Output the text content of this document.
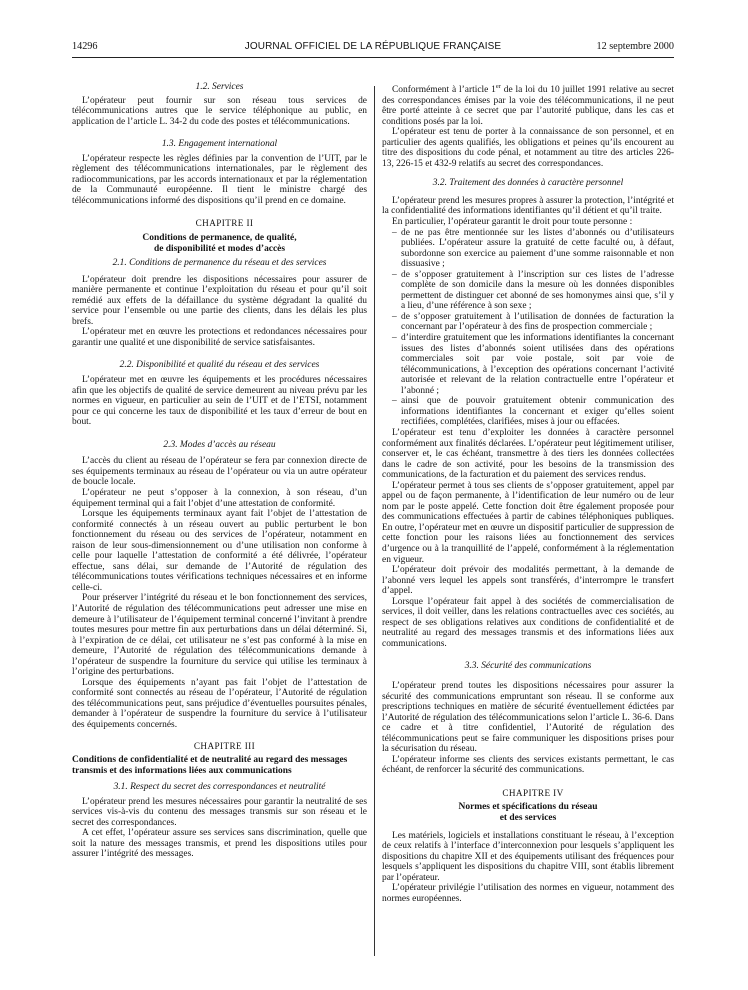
14296	JOURNAL OFFICIEL DE LA RÉPUBLIQUE FRANÇAISE	12 septembre 2000

1.2. Services

L’opérateur peut fournir sur son réseau tous services de télécommunications autres que le service téléphonique au public, en application de l’article L. 34-2 du code des postes et télécommunications.

1.3. Engagement international

L’opérateur respecte les règles définies par la convention de l’UIT, par le règlement des télécommunications internationales, par le règlement des radiocommunications, par les accords internationaux et par la réglementation de la Communauté européenne. Il tient le ministre chargé des télécommunications informé des dispositions qu’il prend en ce domaine.

CHAPITRE II

Conditions de permanence, de qualité,

de disponibilité et modes d’accès

2.1. Conditions de permanence du réseau et des services

L’opérateur doit prendre les dispositions nécessaires pour assurer de manière permanente et continue l’exploitation du réseau et pour qu’il soit remédié aux effets de la défaillance du système dégradant la qualité du service pour l’ensemble ou une partie des clients, dans les délais les plus brefs.

L’opérateur met en œuvre les protections et redondances nécessaires pour garantir une qualité et une disponibilité de service satisfaisantes.

2.2. Disponibilité et qualité du réseau et des services

L’opérateur met en œuvre les équipements et les procédures nécessaires afin que les objectifs de qualité de service demeurent au niveau prévu par les normes en vigueur, en particulier au sein de l’UIT et de l’ETSI, notamment pour ce qui concerne les taux de disponibilité et les taux d’erreur de bout en bout.

2.3. Modes d’accès au réseau

L’accès du client au réseau de l’opérateur se fera par connexion directe de ses équipements terminaux au réseau de l’opérateur ou via un autre opérateur de boucle locale.

L’opérateur ne peut s’opposer à la connexion, à son réseau, d’un équipement terminal qui a fait l’objet d’une attestation de conformité.

Lorsque les équipements terminaux ayant fait l’objet de l’attestation de conformité connectés à un réseau ouvert au public perturbent le bon fonctionnement du réseau ou des services de l’opérateur, notamment en raison de leur sous-dimensionnement ou d’une utilisation non conforme à celle pour laquelle l’attestation de conformité a été délivrée, l’opérateur effectue, sans délai, sur demande de l’Autorité de régulation des télécommunications toutes vérifications techniques nécessaires et en informe celle-ci.

Pour préserver l’intégrité du réseau et le bon fonctionnement des services, l’Autorité de régulation des télécommunications peut adresser une mise en demeure à l’utilisateur de l’équipement terminal concerné l’invitant à prendre toutes mesures pour mettre fin aux perturbations dans un délai déterminé. Si, à l’expiration de ce délai, cet utilisateur ne s’est pas conformé à la mise en demeure, l’Autorité de régulation des télécommunications demande à l’opérateur de suspendre la fourniture du service qui utilise les terminaux à l’origine des perturbations.

Lorsque des équipements n’ayant pas fait l’objet de l’attestation de conformité sont connectés au réseau de l’opérateur, l’Autorité de régulation des télécommunications peut, sans préjudice d’éventuelles poursuites pénales, demander à l’opérateur de suspendre la fourniture du service à l’utilisateur des équipements concernés.

CHAPITRE III

Conditions de confidentialité et de neutralité au regard des messages transmis et des informations liées aux communications

3.1. Respect du secret des correspondances et neutralité

L’opérateur prend les mesures nécessaires pour garantir la neutralité de ses services vis-à-vis du contenu des messages transmis sur son réseau et le secret des correspondances.

A cet effet, l’opérateur assure ses services sans discrimination, quelle que soit la nature des messages transmis, et prend les dispositions utiles pour assurer l’intégrité des messages.

Conformément à l’article 1er de la loi du 10 juillet 1991 relative au secret des correspondances émises par la voie des télécommunications, il ne peut être porté atteinte à ce secret que par l’autorité publique, dans les cas et conditions posés par la loi.

L’opérateur est tenu de porter à la connaissance de son personnel, et en particulier des agents qualifiés, les obligations et peines qu’ils encourent au titre des dispositions du code pénal, et notamment au titre des articles 226-13, 226-15 et 432-9 relatifs au secret des correspondances.

3.2. Traitement des données à caractère personnel

L’opérateur prend les mesures propres à assurer la protection, l’intégrité et la confidentialité des informations identifiantes qu’il détient et qu’il traite.

En particulier, l’opérateur garantit le droit pour toute personne :

– de ne pas être mentionnée sur les listes d’abonnés ou d’utilisateurs publiées. L’opérateur assure la gratuité de cette faculté ou, à défaut, subordonne son exercice au paiement d’une somme raisonnable et non dissuasive ;
– de s’opposer gratuitement à l’inscription sur ces listes de l’adresse complète de son domicile dans la mesure où les données disponibles permettent de distinguer cet abonné de ses homonymes ainsi que, s’il y a lieu, d’une référence à son sexe ;
– de s’opposer gratuitement à l’utilisation de données de facturation la concernant par l’opérateur à des fins de prospection commerciale ;
– d’interdire gratuitement que les informations identifiantes la concernant issues des listes d’abonnés soient utilisées dans des opérations commerciales soit par voie postale, soit par voie de télécommunications, à l’exception des opérations concernant l’activité autorisée et relevant de la relation contractuelle entre l’opérateur et l’abonné ;
– ainsi que de pouvoir gratuitement obtenir communication des informations identifiantes la concernant et exiger qu’elles soient rectifiées, complétées, clarifiées, mises à jour ou effacées.

L’opérateur est tenu d’exploiter les données à caractère personnel conformément aux finalités déclarées. L’opérateur peut légitimement utiliser, conserver et, le cas échéant, transmettre à des tiers les données collectées dans le cadre de son activité, pour les besoins de la transmission des communications, de la facturation et du paiement des services rendus.

L’opérateur permet à tous ses clients de s’opposer gratuitement, appel par appel ou de façon permanente, à l’identification de leur numéro ou de leur nom par le poste appelé. Cette fonction doit être également proposée pour des communications effectuées à partir de cabines téléphoniques publiques. En outre, l’opérateur met en œuvre un dispositif particulier de suppression de cette fonction pour les raisons liées au fonctionnement des services d’urgence ou à la tranquillité de l’appelé, conformément à la réglementation en vigueur.

L’opérateur doit prévoir des modalités permettant, à la demande de l’abonné vers lequel les appels sont transférés, d’interrompre le transfert d’appel.

Lorsque l’opérateur fait appel à des sociétés de commercialisation de services, il doit veiller, dans les relations contractuelles avec ces sociétés, au respect de ses obligations relatives aux conditions de confidentialité et de neutralité au regard des messages transmis et des informations liées aux communications.

3.3. Sécurité des communications

L’opérateur prend toutes les dispositions nécessaires pour assurer la sécurité des communications empruntant son réseau. Il se conforme aux prescriptions techniques en matière de sécurité éventuellement édictées par l’Autorité de régulation des télécommunications selon l’article L. 36-6. Dans ce cadre et à titre confidentiel, l’Autorité de régulation des télécommunications peut se faire communiquer les dispositions prises pour la sécurisation du réseau.

L’opérateur informe ses clients des services existants permettant, le cas échéant, de renforcer la sécurité des communications.

CHAPITRE IV

Normes et spécifications du réseau

et des services

Les matériels, logiciels et installations constituant le réseau, à l’exception de ceux relatifs à l’interface d’interconnexion pour lesquels s’appliquent les dispositions du chapitre XII et des équipements utilisant des fréquences pour lesquels s’appliquent les dispositions du chapitre VIII, sont établis librement par l’opérateur.

L’opérateur privilégie l’utilisation des normes en vigueur, notamment des normes européennes.
